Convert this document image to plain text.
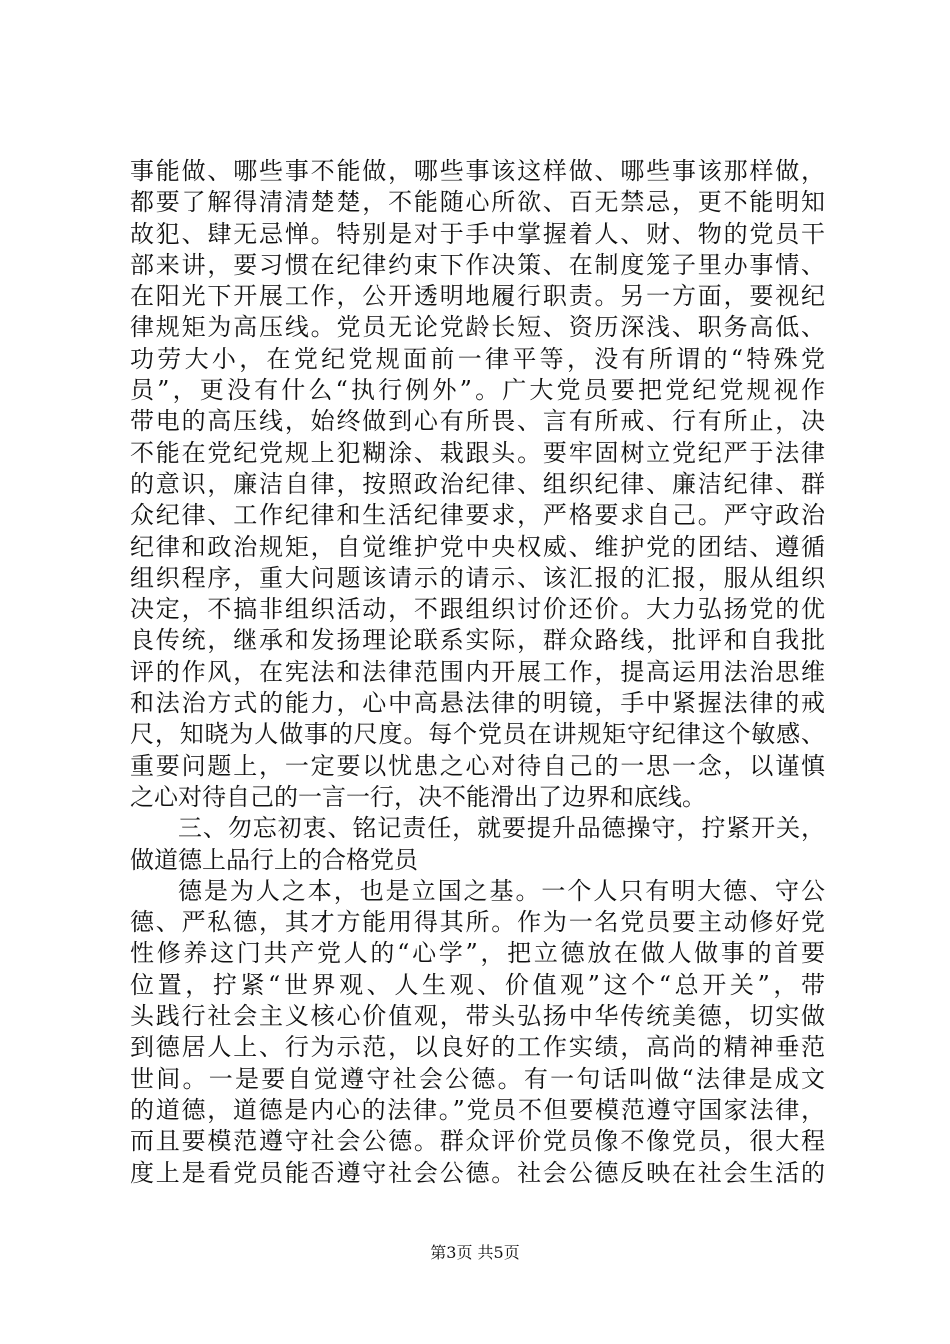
事能做、哪些事不能做，哪些事该这样做、哪些事该那样做，
都要了解得清清楚楚，不能随心所欲、百无禁忌，更不能明知
故犯、肆无忌惮。特别是对于手中掌握着人、财、物的党员干
部来讲，要习惯在纪律约束下作决策、在制度笼子里办事情、
在阳光下开展工作，公开透明地履行职责。另一方面，要视纪
律规矩为高压线。党员无论党龄长短、资历深浅、职务高低、
功劳大小，在党纪党规面前一律平等，没有所谓的“特殊党
员”，更没有什么“执行例外”。广大党员要把党纪党规视作
带电的高压线，始终做到心有所畏、言有所戒、行有所止，决
不能在党纪党规上犯糊涂、栽跟头。要牢固树立党纪严于法律
的意识，廉洁自律，按照政治纪律、组织纪律、廉洁纪律、群
众纪律、工作纪律和生活纪律要求，严格要求自己。严守政治
纪律和政治规矩，自觉维护党中央权威、维护党的团结、遵循
组织程序，重大问题该请示的请示、该汇报的汇报，服从组织
决定，不搞非组织活动，不跟组织讨价还价。大力弘扬党的优
良传统，继承和发扬理论联系实际，群众路线，批评和自我批
评的作风，在宪法和法律范围内开展工作，提高运用法治思维
和法治方式的能力，心中高悬法律的明镜，手中紧握法律的戒
尺，知晓为人做事的尺度。每个党员在讲规矩守纪律这个敏感、
重要问题上，一定要以忧患之心对待自己的一思一念，以谨慎
之心对待自己的一言一行，决不能滑出了边界和底线。
三、勿忘初衷、铭记责任，就要提升品德操守，拧紧开关，
做道德上品行上的合格党员
德是为人之本，也是立国之基。一个人只有明大德、守公
德、严私德，其才方能用得其所。作为一名党员要主动修好党
性修养这门共产党人的“心学”，把立德放在做人做事的首要
位置，拧紧“世界观、人生观、价值观”这个“总开关”，带
头践行社会主义核心价值观，带头弘扬中华传统美德，切实做
到德居人上、行为示范，以良好的工作实绩，高尚的精神垂范
世间。一是要自觉遵守社会公德。有一句话叫做“法律是成文
的道德，道德是内心的法律。”党员不但要模范遵守国家法律，
而且要模范遵守社会公德。群众评价党员像不像党员，很大程
度上是看党员能否遵守社会公德。社会公德反映在社会生活的
第3页 共5页
